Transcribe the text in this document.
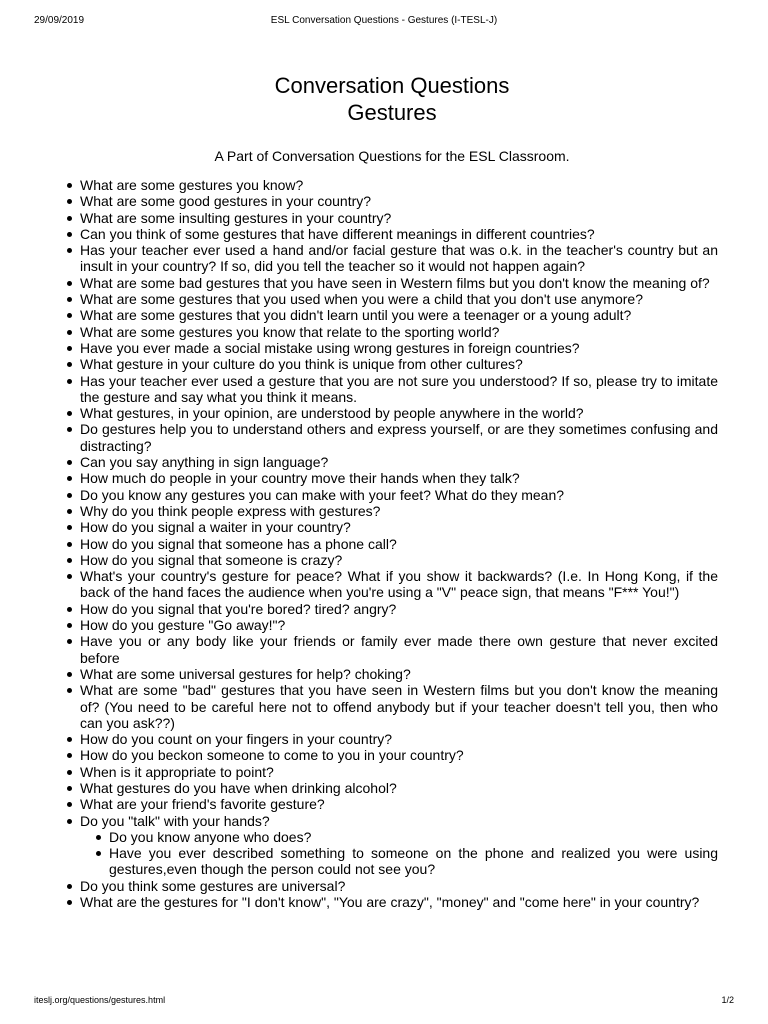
29/09/2019	ESL Conversation Questions - Gestures (I-TESL-J)
Conversation Questions
Gestures
A Part of Conversation Questions for the ESL Classroom.
What are some gestures you know?
What are some good gestures in your country?
What are some insulting gestures in your country?
Can you think of some gestures that have different meanings in different countries?
Has your teacher ever used a hand and/or facial gesture that was o.k. in the teacher's country but an insult in your country? If so, did you tell the teacher so it would not happen again?
What are some bad gestures that you have seen in Western films but you don't know the meaning of?
What are some gestures that you used when you were a child that you don't use anymore?
What are some gestures that you didn't learn until you were a teenager or a young adult?
What are some gestures you know that relate to the sporting world?
Have you ever made a social mistake using wrong gestures in foreign countries?
What gesture in your culture do you think is unique from other cultures?
Has your teacher ever used a gesture that you are not sure you understood? If so, please try to imitate the gesture and say what you think it means.
What gestures, in your opinion, are understood by people anywhere in the world?
Do gestures help you to understand others and express yourself, or are they sometimes confusing and distracting?
Can you say anything in sign language?
How much do people in your country move their hands when they talk?
Do you know any gestures you can make with your feet? What do they mean?
Why do you think people express with gestures?
How do you signal a waiter in your country?
How do you signal that someone has a phone call?
How do you signal that someone is crazy?
What's your country's gesture for peace? What if you show it backwards? (I.e. In Hong Kong, if the back of the hand faces the audience when you're using a "V" peace sign, that means "F*** You!")
How do you signal that you're bored? tired? angry?
How do you gesture "Go away!"?
Have you or any body like your friends or family ever made there own gesture that never excited before
What are some universal gestures for help? choking?
What are some "bad" gestures that you have seen in Western films but you don't know the meaning of? (You need to be careful here not to offend anybody but if your teacher doesn't tell you, then who can you ask??)
How do you count on your fingers in your country?
How do you beckon someone to come to you in your country?
When is it appropriate to point?
What gestures do you have when drinking alcohol?
What are your friend's favorite gesture?
Do you "talk" with your hands?
Do you know anyone who does?
Have you ever described something to someone on the phone and realized you were using gestures,even though the person could not see you?
Do you think some gestures are universal?
What are the gestures for "I don't know", "You are crazy", "money" and "come here" in your country?
iteslj.org/questions/gestures.html	1/2
